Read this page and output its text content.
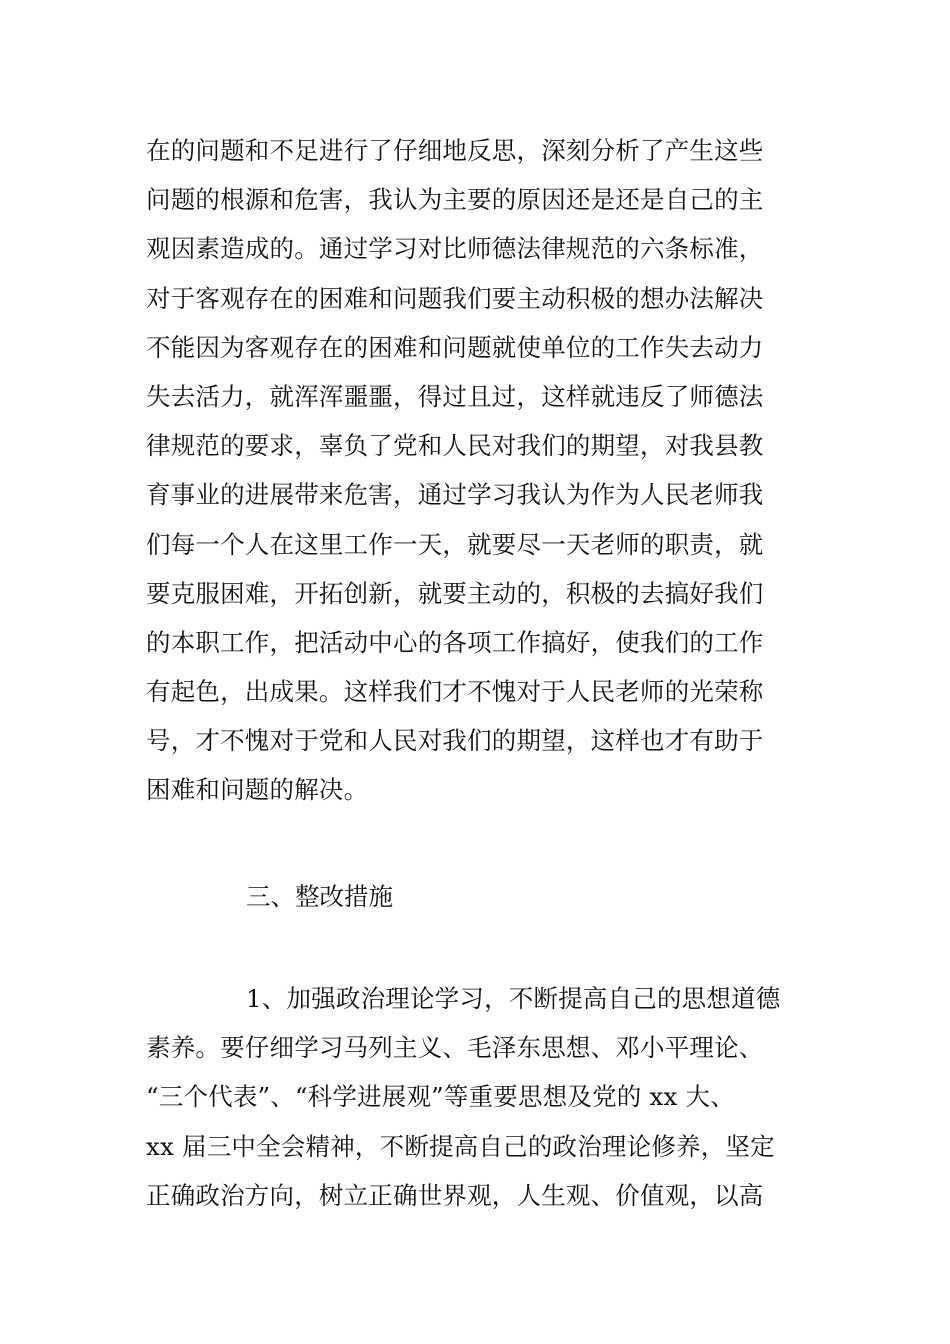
在的问题和不足进行了仔细地反思，深刻分析了产生这些
问题的根源和危害，我认为主要的原因还是还是自己的主
观因素造成的。通过学习对比师德法律规范的六条标准，
对于客观存在的困难和问题我们要主动积极的想办法解决
不能因为客观存在的困难和问题就使单位的工作失去动力
失去活力，就浑浑噩噩，得过且过，这样就违反了师德法
律规范的要求，辜负了党和人民对我们的期望，对我县教
育事业的进展带来危害，通过学习我认为作为人民老师我
们每一个人在这里工作一天，就要尽一天老师的职责，就
要克服困难，开拓创新，就要主动的，积极的去搞好我们
的本职工作，把活动中心的各项工作搞好，使我们的工作
有起色，出成果。这样我们才不愧对于人民老师的光荣称
号，才不愧对于党和人民对我们的期望，这样也才有助于
困难和问题的解决。
三、整改措施
1、加强政治理论学习，不断提高自己的思想道德
素养。要仔细学习马列主义、毛泽东思想、邓小平理论、
“三个代表”、“科学进展观”等重要思想及党的 xx 大、
xx 届三中全会精神，不断提高自己的政治理论修养，坚定
正确政治方向，树立正确世界观，人生观、价值观，以高
